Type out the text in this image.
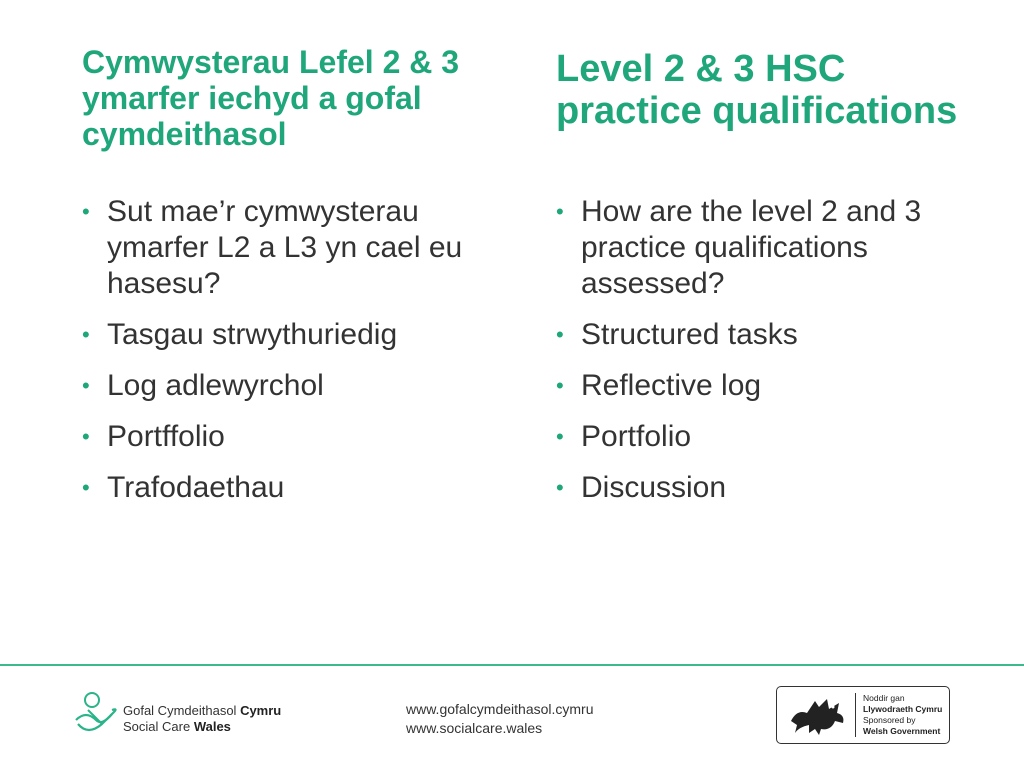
Cymwysterau Lefel 2 & 3 ymarfer iechyd a gofal cymdeithasol
• Sut mae’r cymwysterau ymarfer L2 a L3 yn cael eu hasesu?
• Tasgau strwythuriedig
• Log adlewyrchol
• Portffolio
• Trafodaethau
Level 2 & 3 HSC practice qualifications
• How are the level 2 and 3 practice qualifications assessed?
• Structured tasks
• Reflective log
• Portfolio
• Discussion
Gofal Cymdeithasol Cymru
Social Care Wales
www.gofalcymdeithasol.cymru
www.socialcare.wales
Noddir gan
Llywodraeth Cymru
Sponsored by
Welsh Government
